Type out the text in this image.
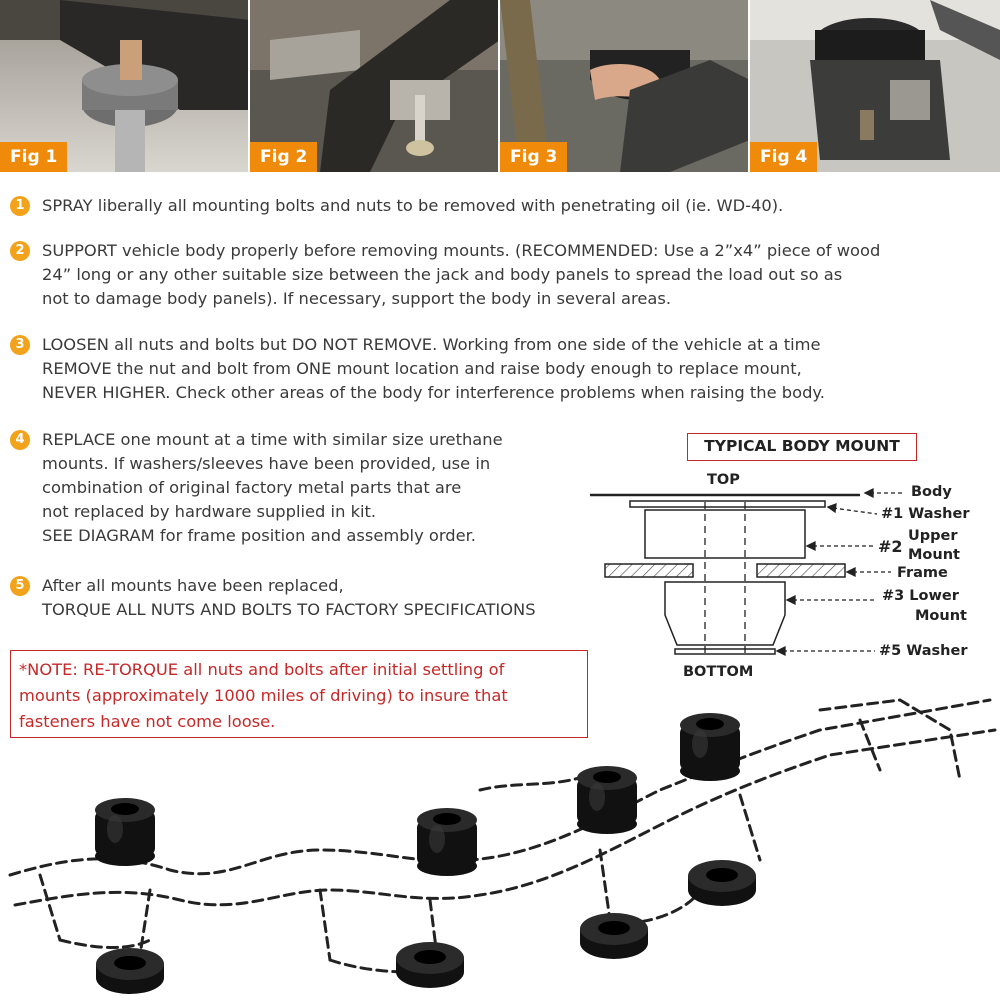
Fig 1	Fig 2	Fig 3	Fig 4
1	SPRAY liberally all mounting bolts and nuts to be removed with penetrating oil (ie. WD-40).
2	SUPPORT vehicle body properly before removing mounts. (RECOMMENDED: Use a 2”x4” piece of wood
24” long or any other suitable size between the jack and body panels to spread the load out so as
not to damage body panels). If necessary, support the body in several areas.
3	LOOSEN all nuts and bolts but DO NOT REMOVE. Working from one side of the vehicle at a time
REMOVE the nut and bolt from ONE mount location and raise body enough to replace mount,
NEVER HIGHER. Check other areas of the body for interference problems when raising the body.
4	REPLACE one mount at a time with similar size urethane
mounts. If washers/sleeves have been provided, use in
combination of original factory metal parts that are
not replaced by hardware supplied in kit.
SEE DIAGRAM for frame position and assembly order.
5	After all mounts have been replaced,
TORQUE ALL NUTS AND BOLTS TO FACTORY SPECIFICATIONS
*NOTE: RE-TORQUE all nuts and bolts after initial settling of
mounts (approximately 1000 miles of driving) to insure that
fasteners have not come loose.
TYPICAL BODY MOUNT
TOP
BOTTOM
Body
#1 Washer
#2
Upper
Mount
Frame
#3 Lower
Mount
#5 Washer
